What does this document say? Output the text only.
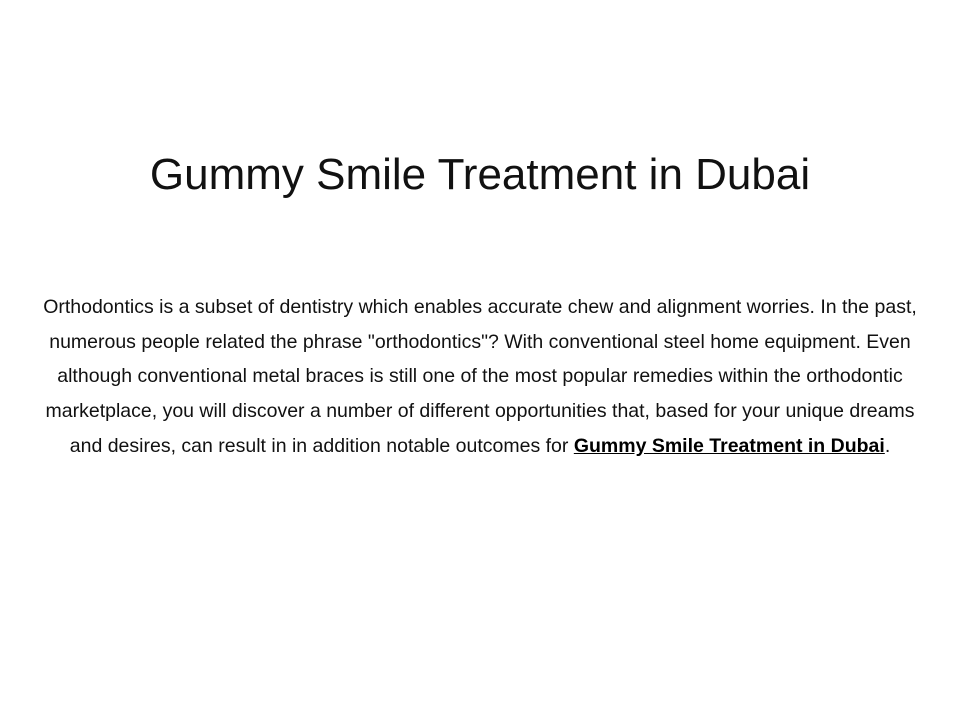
Gummy Smile Treatment in Dubai

Orthodontics is a subset of dentistry which enables accurate chew and alignment worries. In the past, numerous people related the phrase "orthodontics"? With conventional steel home equipment. Even although conventional metal braces is still one of the most popular remedies within the orthodontic marketplace, you will discover a number of different opportunities that, based for your unique dreams and desires, can result in in addition notable outcomes for Gummy Smile Treatment in Dubai.
